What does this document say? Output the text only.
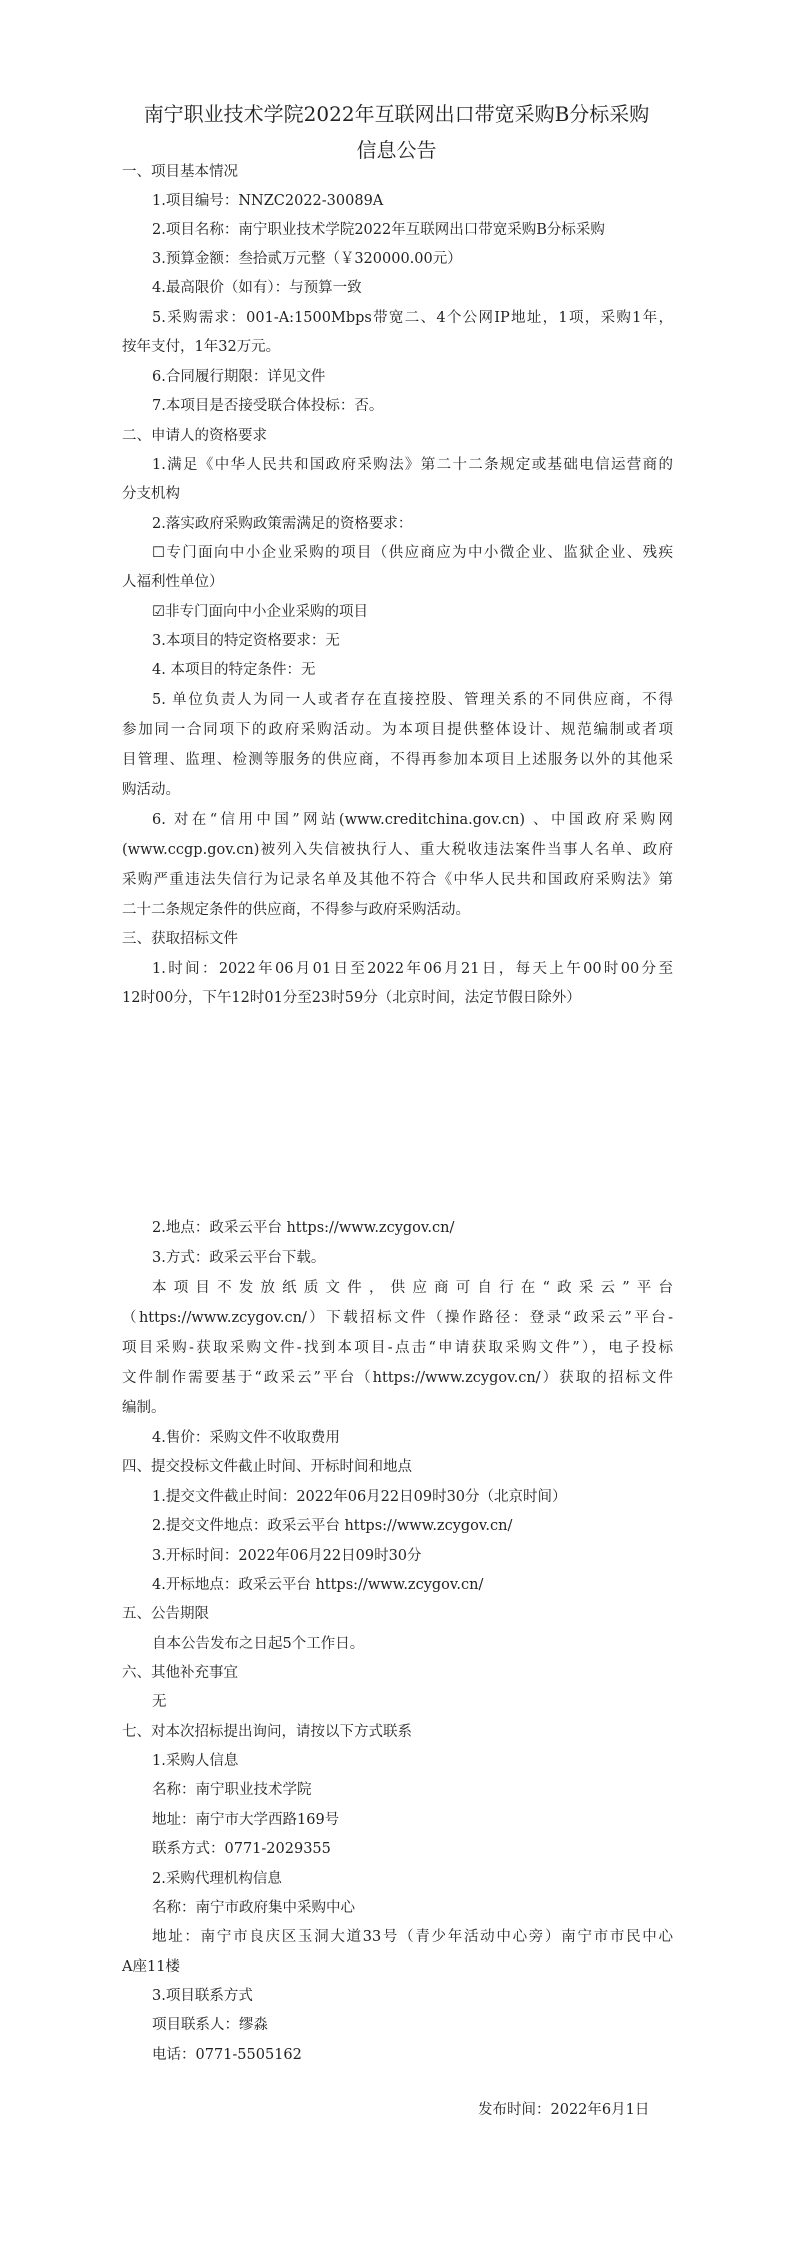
南宁职业技术学院2022年互联网出口带宽采购B分标采购
信息公告
一、项目基本情况
1.项目编号：NNZC2022-30089A
2.项目名称：南宁职业技术学院2022年互联网出口带宽采购B分标采购
3.预算金额：叁拾贰万元整（￥320000.00元）
4.最高限价（如有）：与预算一致
5.采购需求：001-A:1500Mbps带宽二、4个公网IP地址，1项，采购1年，
按年支付，1年32万元。
6.合同履行期限：详见文件
7.本项目是否接受联合体投标：否。
二、申请人的资格要求
1.满足《中华人民共和国政府采购法》第二十二条规定或基础电信运营商的
分支机构
2.落实政府采购政策需满足的资格要求：
☐专门面向中小企业采购的项目（供应商应为中小微企业、监狱企业、残疾
人福利性单位）
☑非专门面向中小企业采购的项目
3.本项目的特定资格要求：无
4. 本项目的特定条件：无
5. 单位负责人为同一人或者存在直接控股、管理关系的不同供应商，不得
参加同一合同项下的政府采购活动。为本项目提供整体设计、规范编制或者项
目管理、监理、检测等服务的供应商，不得再参加本项目上述服务以外的其他采
购活动。
6. 对在“信用中国”网站(www.creditchina.gov.cn) 、中国政府采购网
(www.ccgp.gov.cn)被列入失信被执行人、重大税收违法案件当事人名单、政府
采购严重违法失信行为记录名单及其他不符合《中华人民共和国政府采购法》第
二十二条规定条件的供应商，不得参与政府采购活动。
三、获取招标文件
1.时间：2022年06月01日至2022年06月21日，每天上午00时00分至
12时00分，下午12时01分至23时59分（北京时间，法定节假日除外）
2.地点：政采云平台 https://www.zcygov.cn/
3.方式：政采云平台下载。
本项目不发放纸质文件，供应商可自行在“政采云”平台
（https://www.zcygov.cn/）下载招标文件（操作路径：登录“政采云”平台-
项目采购-获取采购文件-找到本项目-点击“申请获取采购文件”），电子投标
文件制作需要基于“政采云”平台（https://www.zcygov.cn/）获取的招标文件
编制。
4.售价：采购文件不收取费用
四、提交投标文件截止时间、开标时间和地点
1.提交文件截止时间：2022年06月22日09时30分（北京时间）
2.提交文件地点：政采云平台 https://www.zcygov.cn/
3.开标时间：2022年06月22日09时30分
4.开标地点：政采云平台 https://www.zcygov.cn/
五、公告期限
自本公告发布之日起5个工作日。
六、其他补充事宜
无
七、对本次招标提出询问，请按以下方式联系
1.采购人信息
名称：南宁职业技术学院
地址：南宁市大学西路169号
联系方式：0771-2029355
2.采购代理机构信息
名称：南宁市政府集中采购中心
地址：南宁市良庆区玉洞大道33号（青少年活动中心旁）南宁市市民中心
A座11楼
3.项目联系方式
项目联系人：缪淼
电话：0771-5505162
发布时间：2022年6月1日
